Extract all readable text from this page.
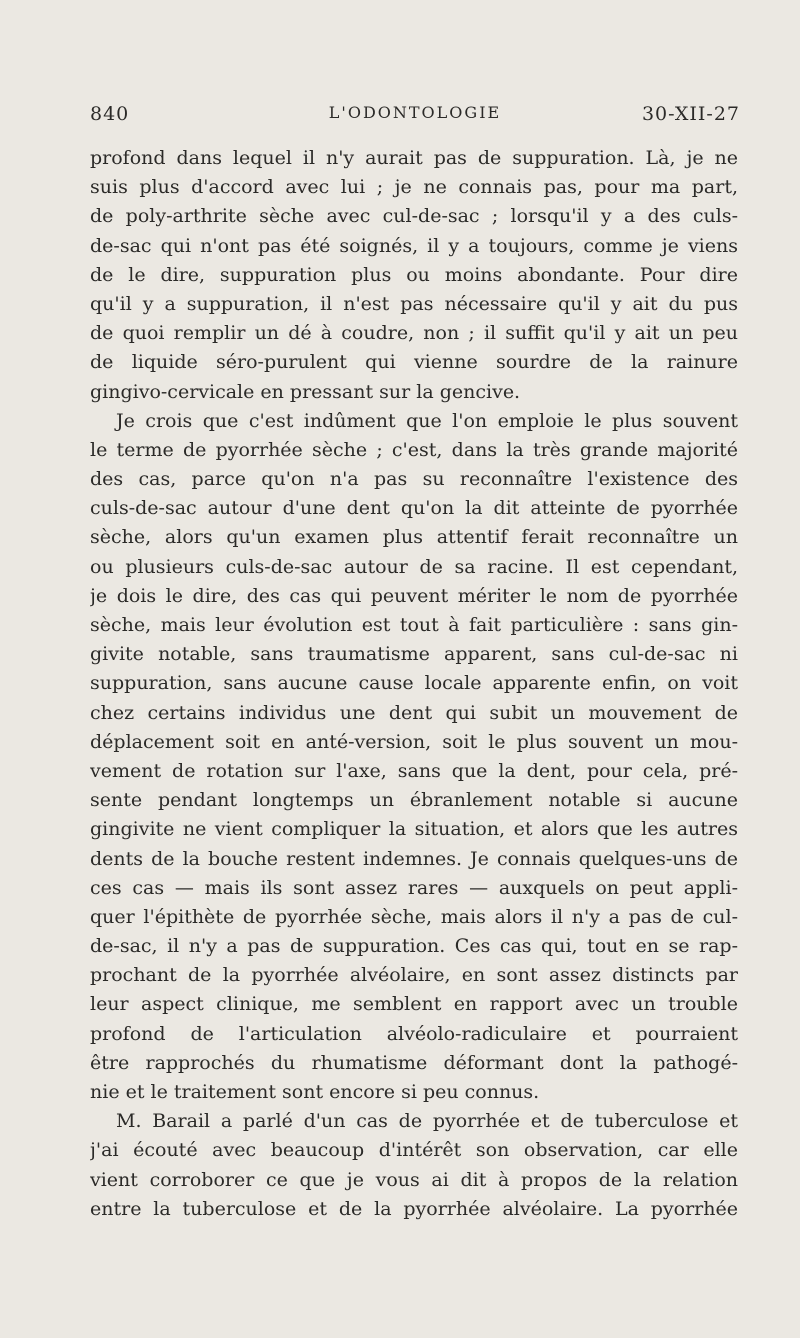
840	L'ODONTOLOGIE	30-XII-27
profond dans lequel il n'y aurait pas de suppuration. Là, je ne
suis plus d'accord avec lui ; je ne connais pas, pour ma part,
de poly-arthrite sèche avec cul-de-sac ; lorsqu'il y a des culs-
de-sac qui n'ont pas été soignés, il y a toujours, comme je viens
de le dire, suppuration plus ou moins abondante. Pour dire
qu'il y a suppuration, il n'est pas nécessaire qu'il y ait du pus
de quoi remplir un dé à coudre, non ; il suffit qu'il y ait un peu
de liquide séro-purulent qui vienne sourdre de la rainure
gingivo-cervicale en pressant sur la gencive.
Je crois que c'est indûment que l'on emploie le plus souvent
le terme de pyorrhée sèche ; c'est, dans la très grande majorité
des cas, parce qu'on n'a pas su reconnaître l'existence des
culs-de-sac autour d'une dent qu'on la dit atteinte de pyorrhée
sèche, alors qu'un examen plus attentif ferait reconnaître un
ou plusieurs culs-de-sac autour de sa racine. Il est cependant,
je dois le dire, des cas qui peuvent mériter le nom de pyorrhée
sèche, mais leur évolution est tout à fait particulière : sans gin-
givite notable, sans traumatisme apparent, sans cul-de-sac ni
suppuration, sans aucune cause locale apparente enfin, on voit
chez certains individus une dent qui subit un mouvement de
déplacement soit en anté-version, soit le plus souvent un mou-
vement de rotation sur l'axe, sans que la dent, pour cela, pré-
sente pendant longtemps un ébranlement notable si aucune
gingivite ne vient compliquer la situation, et alors que les autres
dents de la bouche restent indemnes. Je connais quelques-uns de
ces cas — mais ils sont assez rares — auxquels on peut appli-
quer l'épithète de pyorrhée sèche, mais alors il n'y a pas de cul-
de-sac, il n'y a pas de suppuration. Ces cas qui, tout en se rap-
prochant de la pyorrhée alvéolaire, en sont assez distincts par
leur aspect clinique, me semblent en rapport avec un trouble
profond de l'articulation alvéolo-radiculaire et pourraient
être rapprochés du rhumatisme déformant dont la pathogé-
nie et le traitement sont encore si peu connus.
M. Barail a parlé d'un cas de pyorrhée et de tuberculose et
j'ai écouté avec beaucoup d'intérêt son observation, car elle
vient corroborer ce que je vous ai dit à propos de la relation
entre la tuberculose et de la pyorrhée alvéolaire. La pyorrhée
